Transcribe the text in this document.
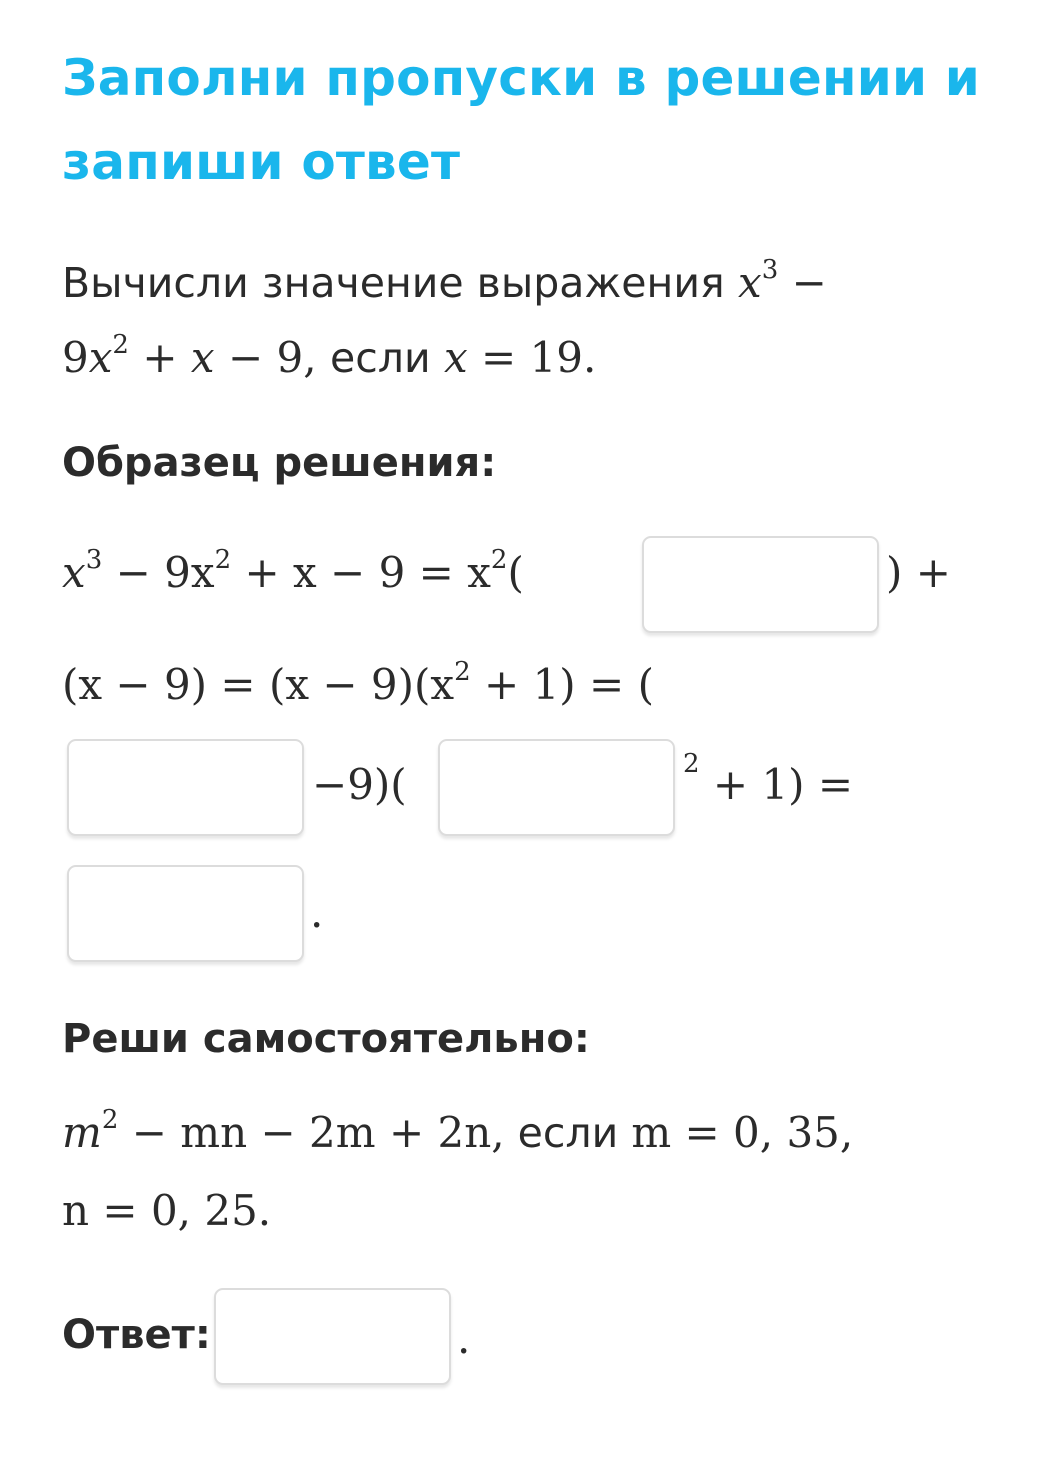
Заполни пропуски в решении и запиши ответ
Вычисли значение выражения $x^3$ −
$9x^2 + x - 9$, если x = 19.
Образец решения:
$x^3 - 9x^2 + x - 9 = x^2$(	) +
$(x - 9) = (x - 9)(x^2 + 1)$ = (
−9)(	$^2$ + 1) =
.
Реши самостоятельно:
$m^2$ − mn − 2m + 2n, если m = 0, 35,
n = 0, 25.
Ответ:	.
